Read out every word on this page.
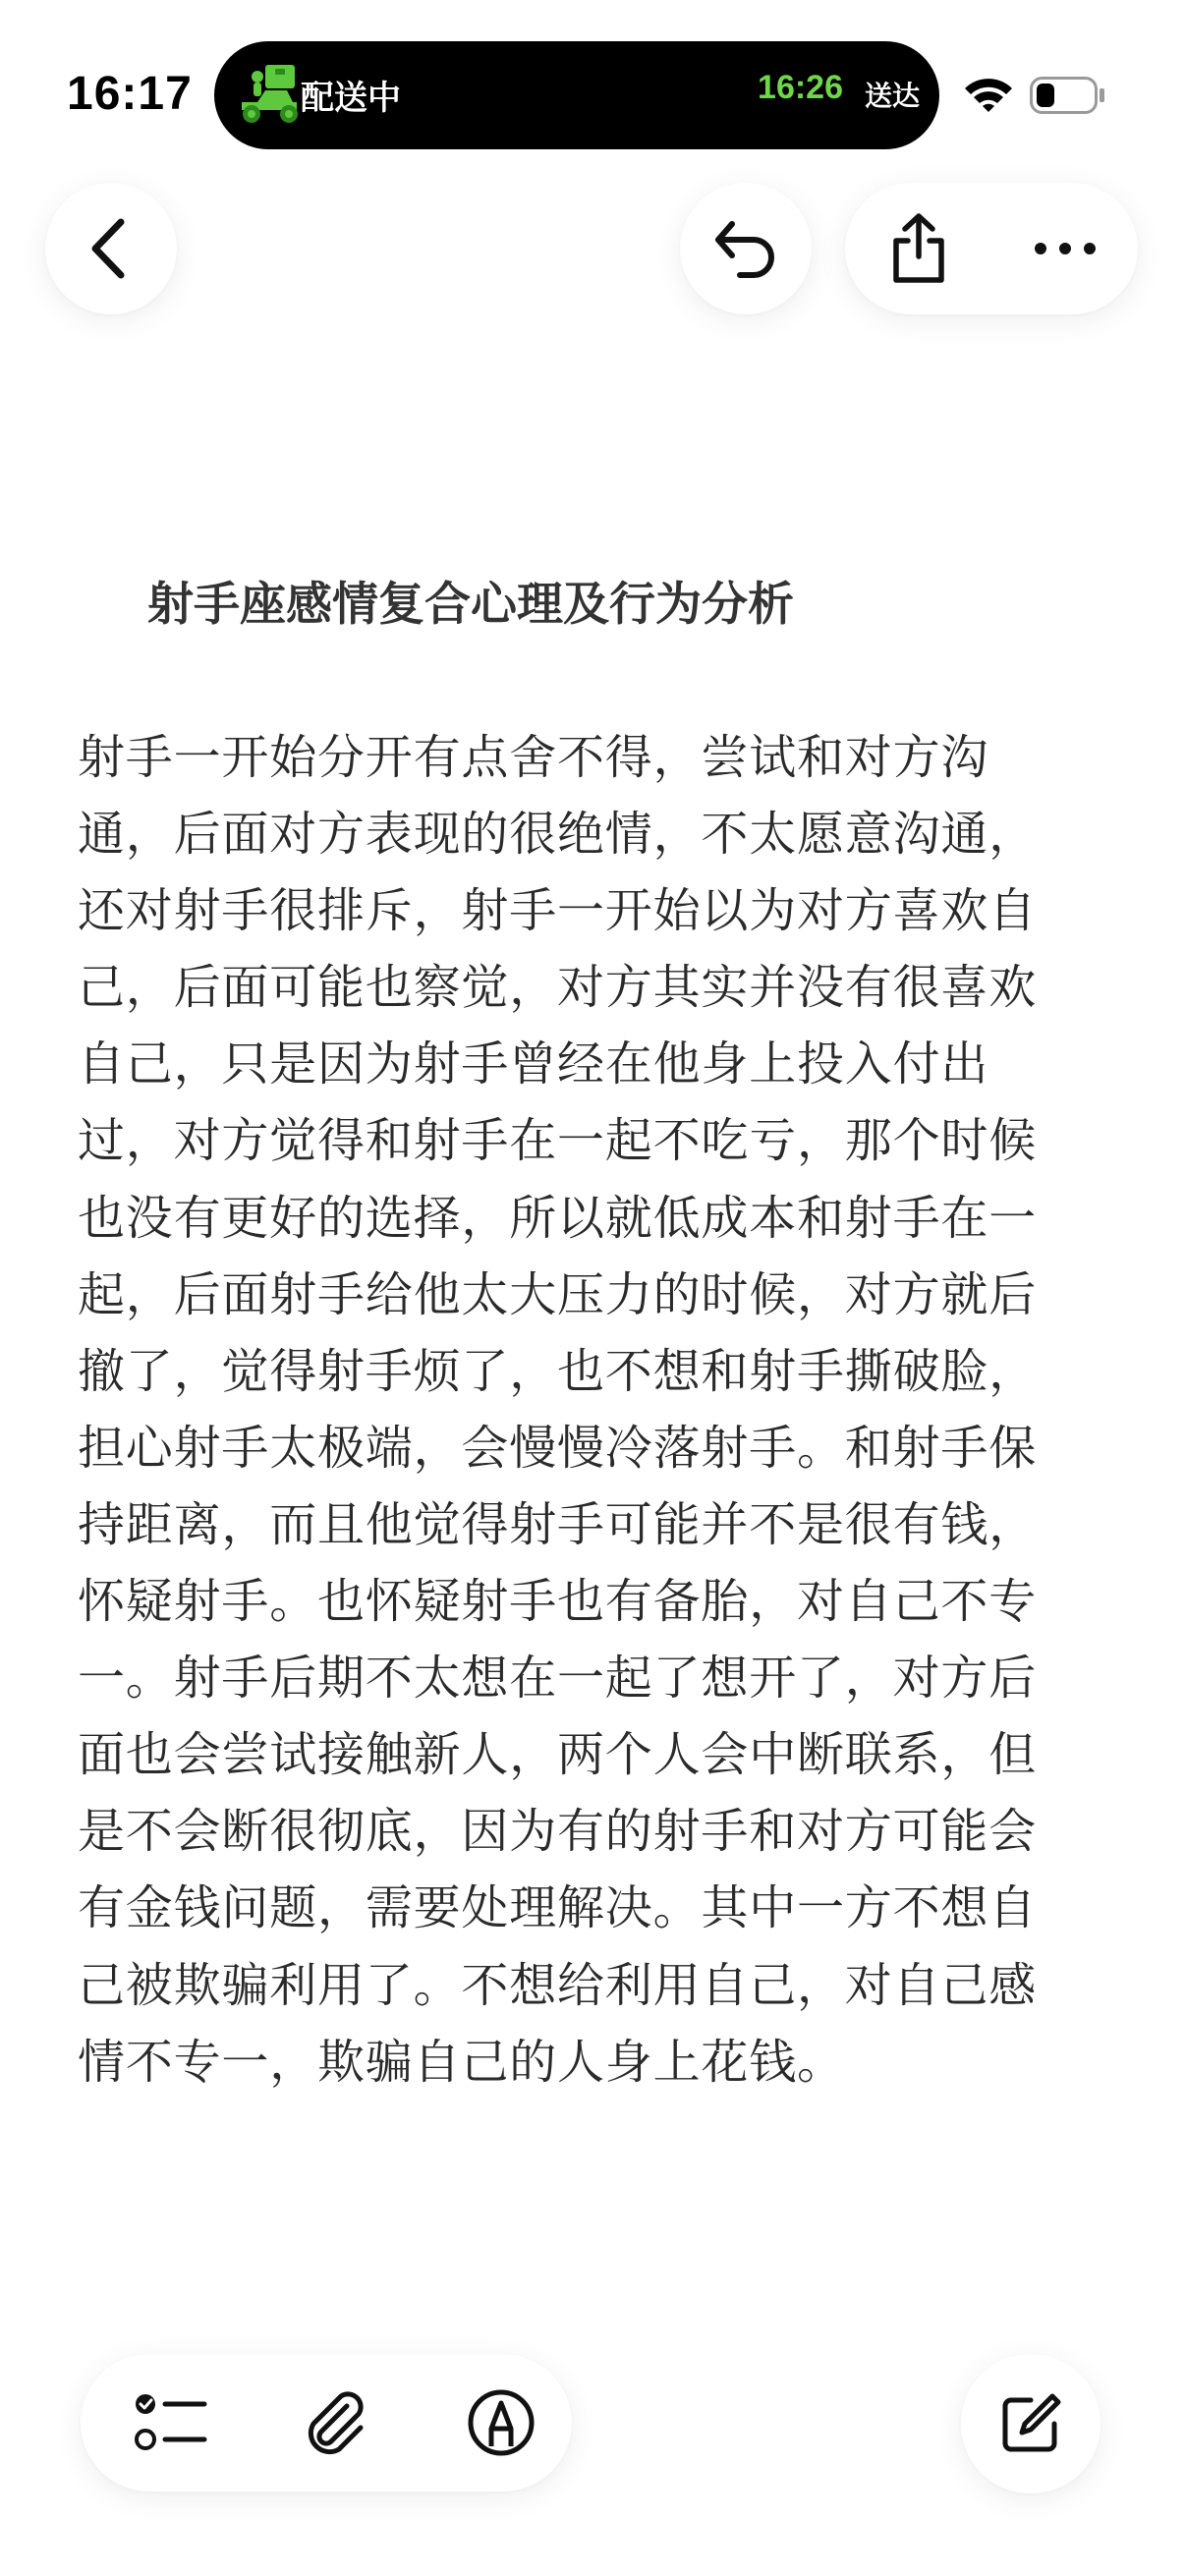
16:17	配送中	16:26 送达
射手座感情复合心理及行为分析

射手一开始分开有点舍不得，尝试和对方沟通，后面对方表现的很绝情，不太愿意沟通，还对射手很排斥，射手一开始以为对方喜欢自己，后面可能也察觉，对方其实并没有很喜欢自己，只是因为射手曾经在他身上投入付出过，对方觉得和射手在一起不吃亏，那个时候也没有更好的选择，所以就低成本和射手在一起，后面射手给他太大压力的时候，对方就后撤了，觉得射手烦了，也不想和射手撕破脸，担心射手太极端，会慢慢冷落射手。和射手保持距离，而且他觉得射手可能并不是很有钱，怀疑射手。也怀疑射手也有备胎，对自己不专一。射手后期不太想在一起了想开了，对方后面也会尝试接触新人，两个人会中断联系，但是不会断很彻底，因为有的射手和对方可能会有金钱问题，需要处理解决。其中一方不想自己被欺骗利用了。不想给利用自己，对自己感情不专一，欺骗自己的人身上花钱。
